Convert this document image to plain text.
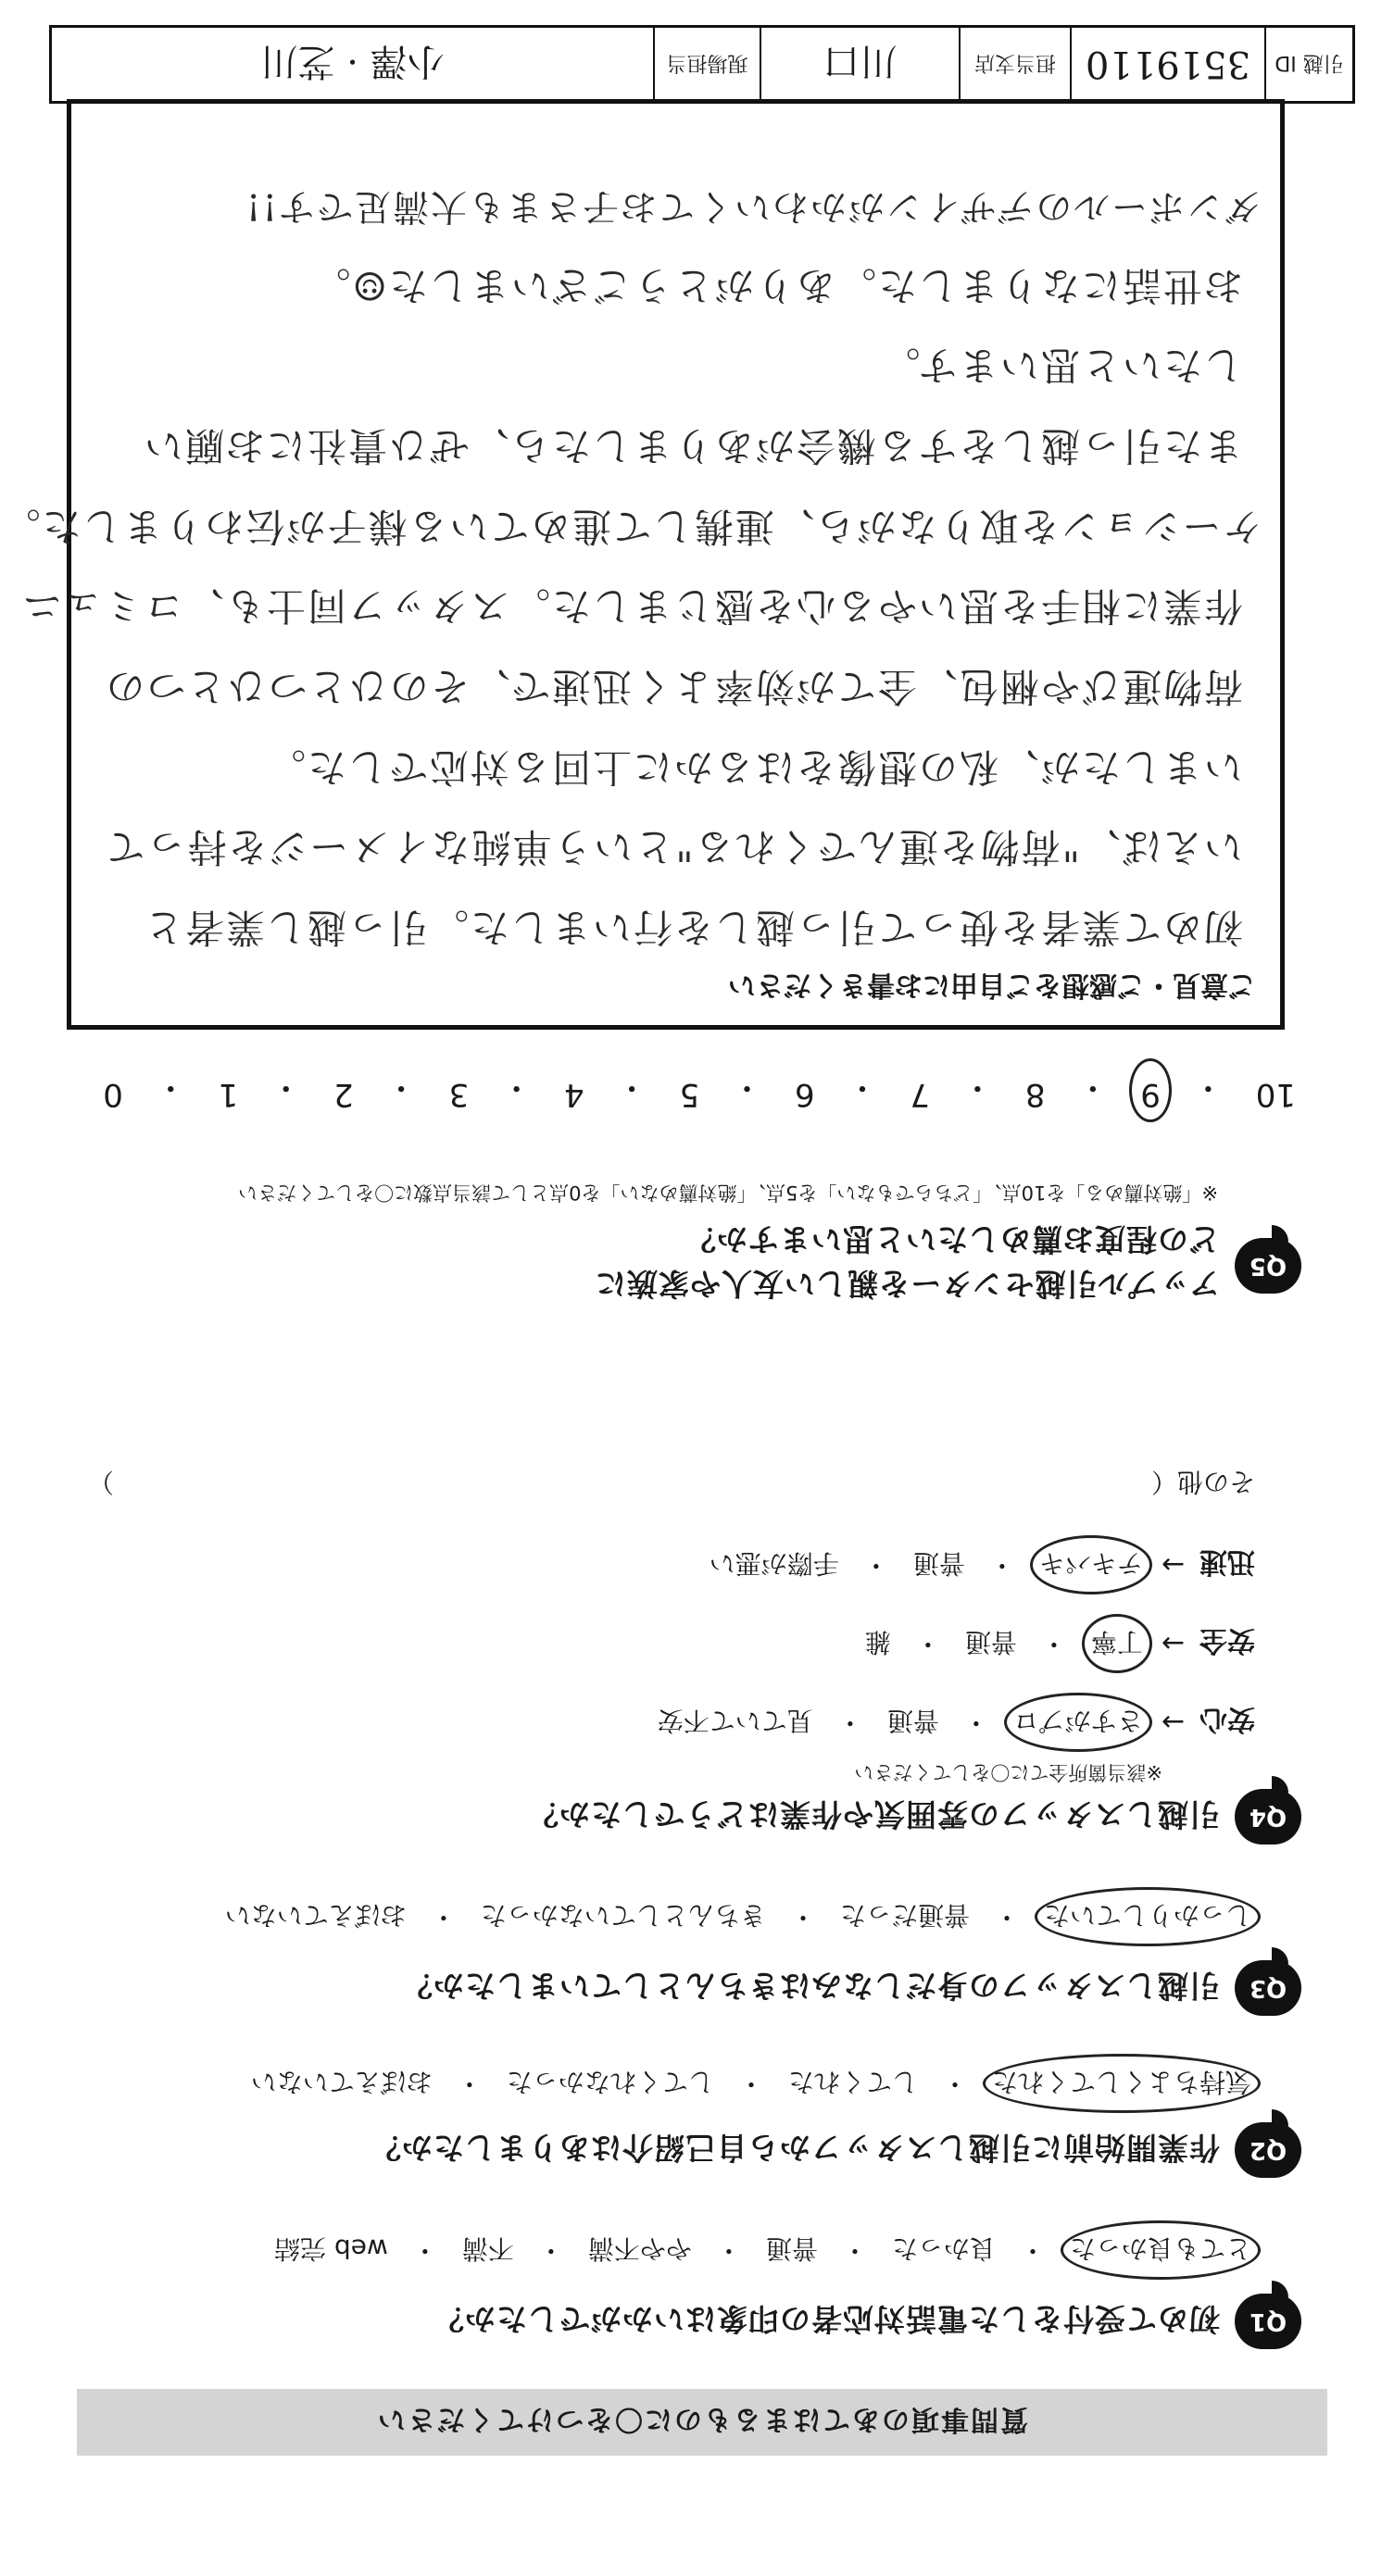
質問事項のあてはまるものに〇をつけてください
Q1
初めて受付をした電話対応者の印象はいかがでしたか？
とても良かった
・
良かった
・
普通
・
やや不満
・
不満
・
web 完結
Q2
作業開始前に引越しスタッフから自己紹介はありましたか？
気持ちよくしてくれた
・
してくれた
・
してくれなかった
・
おぼえていない
Q3
引越しスタッフの身だしなみはきちんとしていましたか？
しっかりしていた
・
普通だった
・
きちんとしていなかった
・
おぼえていない
Q4
引越しスタッフの雰囲気や作業はどうでしたか？
※該当箇所全てに〇をしてください
安心
→
さすがプロ
・
普通
・
見ていて不安
安全
→
丁寧
・
普通
・
雑
迅速
→
テキパキ
・
普通
・
手際が悪い
その他（
）
Q5
アップル引越センターを親しい友人や家族に
どの程度お薦めしたいと思いますか？
※「絶対薦める」を10点、「どちらでもない」を5点、「絶対薦めない」を0点として該当点数に〇をしてください
10
・
9
・
8
・
7
・
6
・
5
・
4
・
3
・
2
・
1
・
0
ご意見・ご感想をご自由にお書きください
初めて業者を使って引っ越しを行いました。引っ越し業者と
いえば、"荷物を運んでくれる"という単純なイメージを持って
いましたが、私の想像をはるかに上回る対応でした。
荷物運びや梱包、全てが効率よく迅速で、そのひとつひとつの
作業に相手を思いやる心を感じました。スタッフ同士も、コミュニ
ケーションを取りながら、連携して進めている様子が伝わりました。
また引っ越しをする機会がありましたら、ぜひ貴社にお願い
したいと思います。
お世話になりました。ありがとうございました☺。
ダンボールのデザインがかわいくてお子さまも大満足です!!
引越 ID
3519110
担当支店
川口
現場担当
小澤 · 芝川
